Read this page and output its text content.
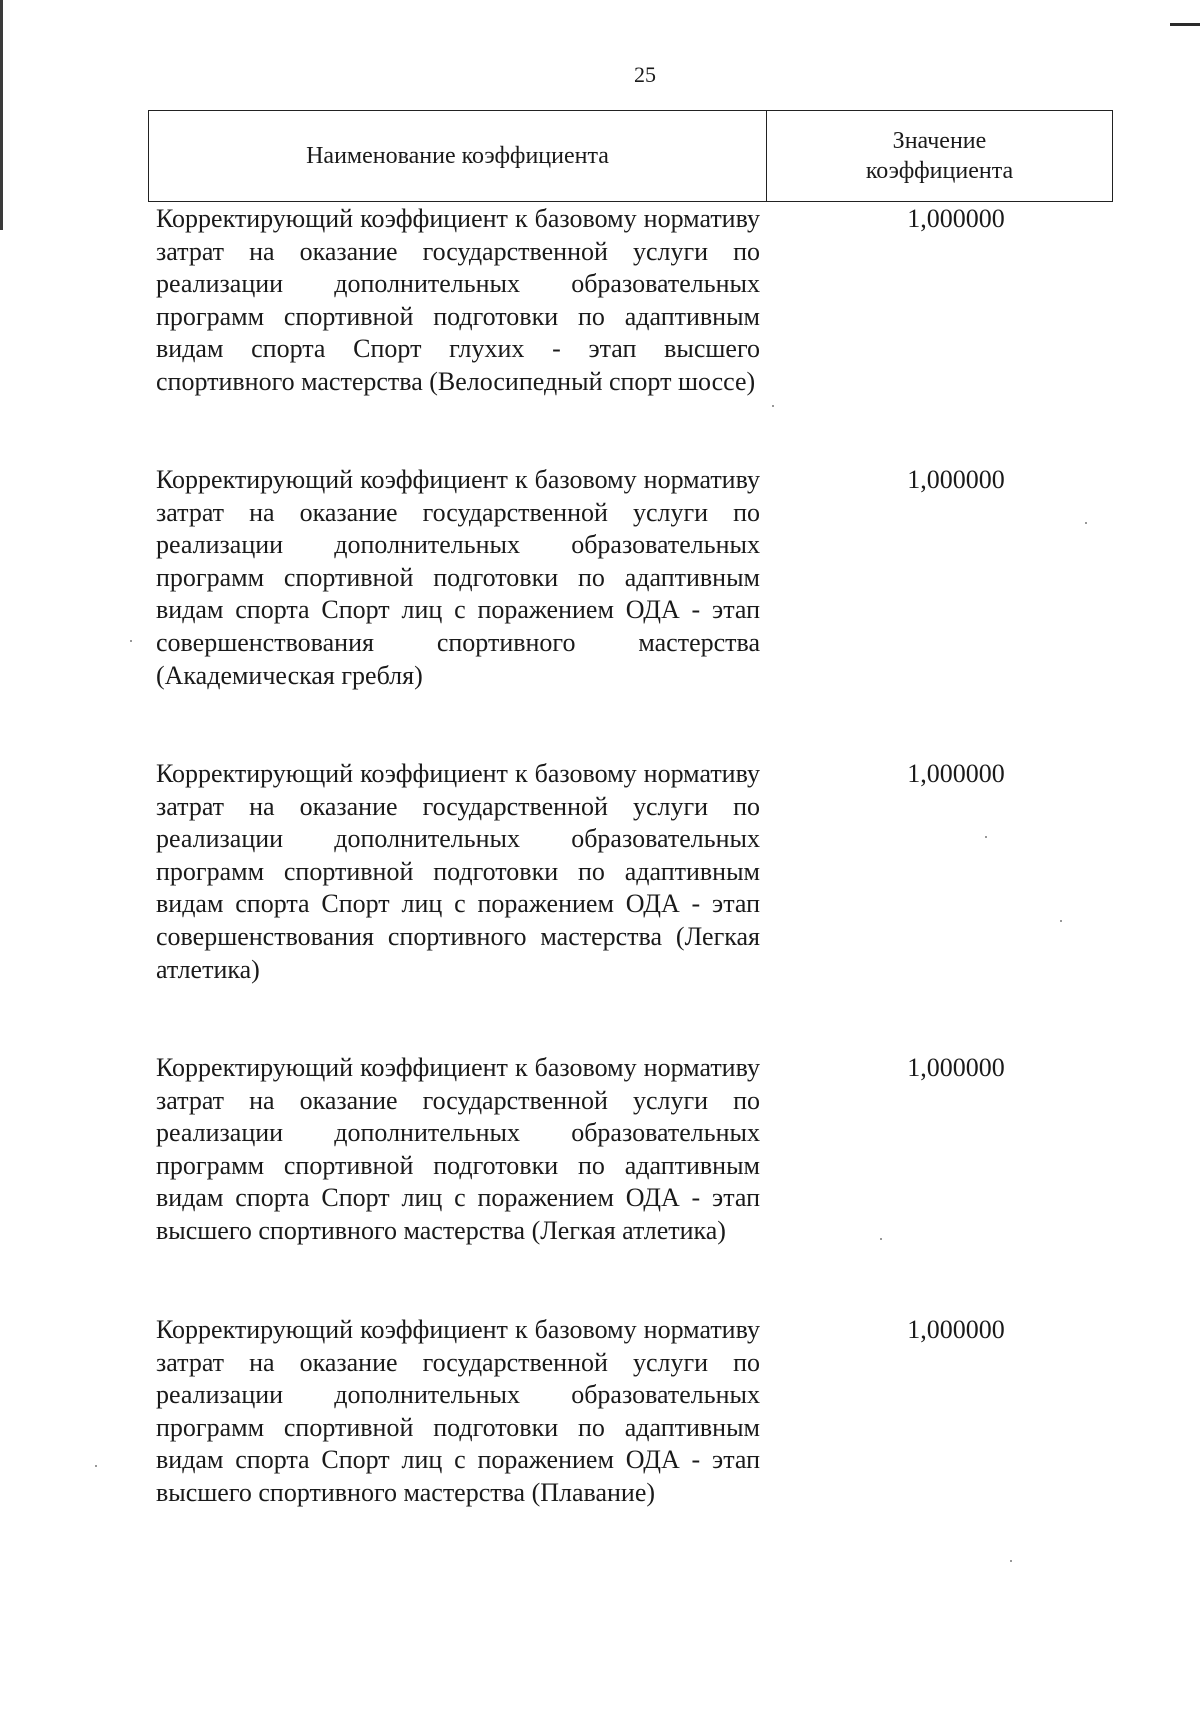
25
Наименование коэффициента
Значение
коэффициента
Корректирующий коэффициент к базовому нормативу затрат на оказание государственной услуги по реализации дополнительных образовательных программ спортивной подготовки по адаптивным видам спорта Спорт глухих - этап высшего спортивного мастерства (Велосипедный спорт шоссе)
1,000000
Корректирующий коэффициент к базовому нормативу затрат на оказание государственной услуги по реализации дополнительных образовательных программ спортивной подготовки по адаптивным видам спорта Спорт лиц с поражением ОДА - этап совершенствования спортивного мастерства (Академическая гребля)
1,000000
Корректирующий коэффициент к базовому нормативу затрат на оказание государственной услуги по реализации дополнительных образовательных программ спортивной подготовки по адаптивным видам спорта Спорт лиц с поражением ОДА - этап совершенствования спортивного мастерства (Легкая атлетика)
1,000000
Корректирующий коэффициент к базовому нормативу затрат на оказание государственной услуги по реализации дополнительных образовательных программ спортивной подготовки по адаптивным видам спорта Спорт лиц с поражением ОДА - этап высшего спортивного мастерства (Легкая атлетика)
1,000000
Корректирующий коэффициент к базовому нормативу затрат на оказание государственной услуги по реализации дополнительных образовательных программ спортивной подготовки по адаптивным видам спорта Спорт лиц с поражением ОДА - этап высшего спортивного мастерства (Плавание)
1,000000
